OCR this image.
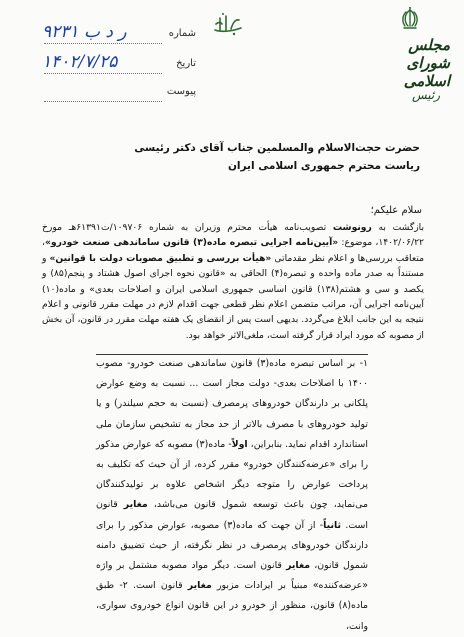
مجلس شورای اسلامی
رئیس
شماره
۹۲۳۱ ر د ب
تاریخ
۱۴۰۲/۷/۲۵
پیوست
حضرت حجت‌الاسلام والمسلمین جناب آقای دکتر رئیسی
ریاست محترم جمهوری اسلامی ایران
سلام علیکم؛
بازگشت به رونوشت تصویب‌نامه هیأت محترم وزیران به شماره ۱۰۹۷۰۶/ت۶۱۳۹۱هـ مورخ ۱۴۰۲/۰۶/۲۲، موضوع: «آیین‌نامه اجرایی تبصره ماده(۳) قانون ساماندهی صنعت خودرو»، متعاقب بررسی‌ها و اعلام نظر مقدماتی «هیأت بررسی و تطبیق مصوبات دولت با قوانین» و مستنداً به صدر ماده واحده و تبصره(۴) الحاقی به «قانون نحوه اجرای اصول هشتاد و پنجم(۸۵) و یکصد و سی و هشتم(۱۳۸) قانون اساسی جمهوری اسلامی ایران و اصلاحات بعدی» و ماده(۱۰) آیین‌نامه اجرایی آن، مراتب متضمن اعلام نظر قطعی جهت اقدام لازم در مهلت مقرر قانونی و اعلام نتیجه به این جانب ابلاغ می‌گردد. بدیهی است پس از انقضای یک هفته مهلت مقرر در قانون، آن بخش از مصوبه که مورد ایراد قرار گرفته است، ملغی‌الاثر خواهد بود.
۱- بر اساس تبصره ماده(۳) قانون ساماندهی صنعت خودرو- مصوب ۱۴۰۰ با اصلاحات بعدی- دولت مجاز است ... نسبت به وضع عوارض پلکانی بر دارندگان خودروهای پرمصرف (نسبت به حجم سیلندر) و یا تولید خودروهای با مصرف بالاتر از حد مجاز به تشخیص سازمان ملی استاندارد اقدام نماید. بنابراین، اولاً- ماده(۳) مصوبه که عوارض مذکور را برای «عرضه‌کنندگان خودرو» مقرر کرده، از آن حیث که تکلیف به پرداخت عوارض را متوجه دیگر اشخاص علاوه بر تولیدکنندگان می‌نماید، چون باعث توسعه شمول قانون می‌باشد، مغایر قانون است. ثانیاً- از آن جهت که ماده(۳) مصوبه، عوارض مذکور را برای دارندگان خودروهای پرمصرف در نظر نگرفته، از حیث تضییق دامنه شمول قانون، مغایر قانون است. دیگر مواد مصوبه مشتمل بر واژه «عرضه‌کننده» مبنیاً بر ایرادات مزبور مغایر قانون است. ۲- طبق ماده(۸) قانون، منظور از خودرو در این قانون انواع خودروی سواری، وانت،
